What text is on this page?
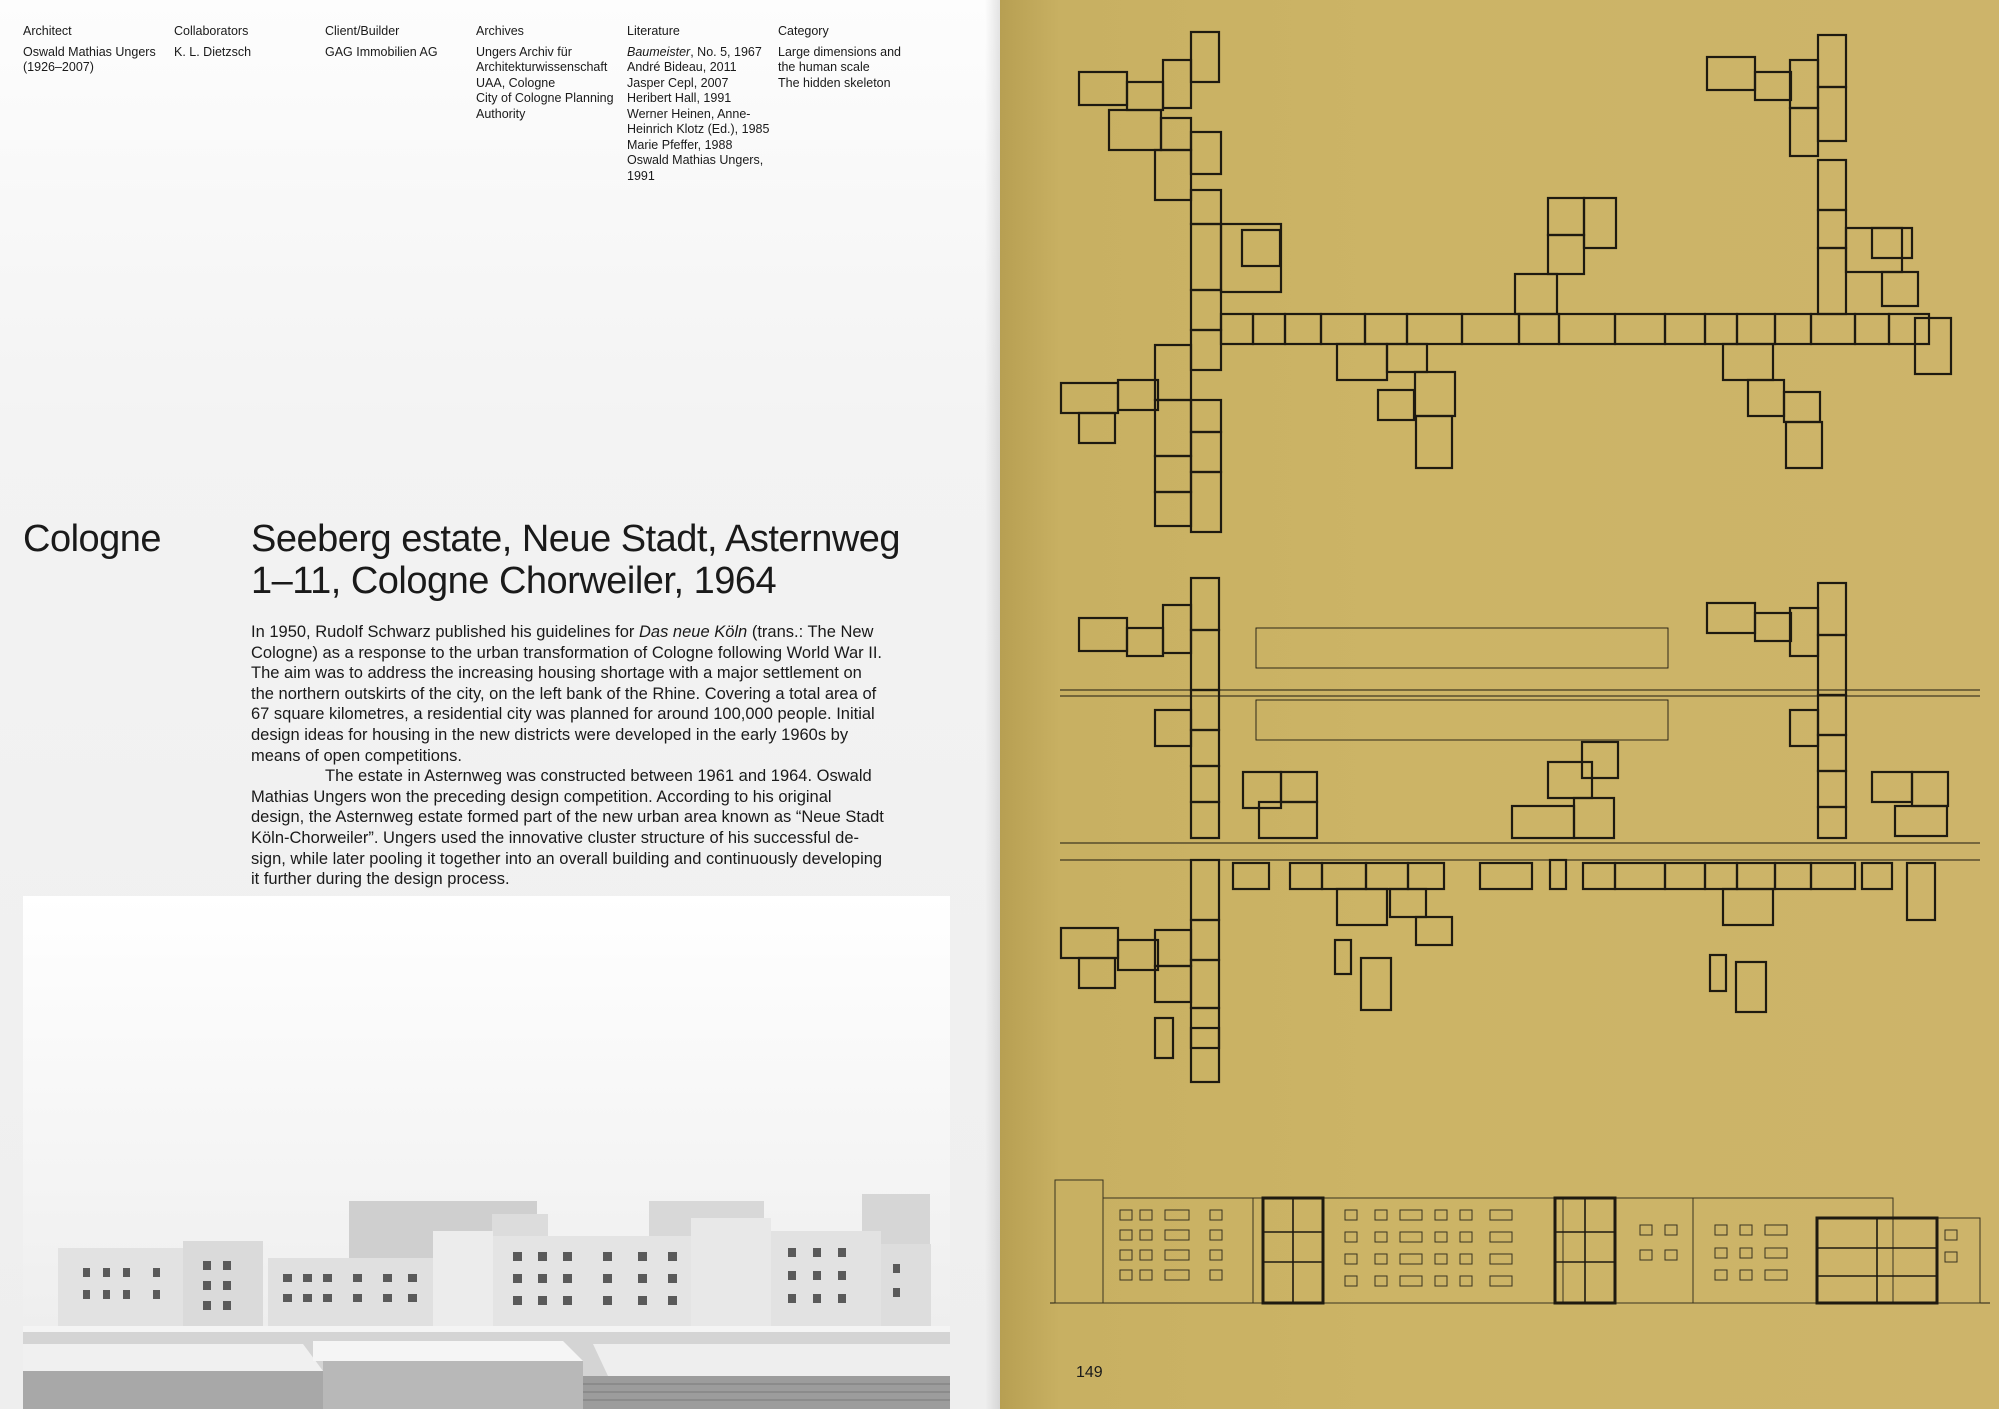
Architect
Oswald Mathias Ungers
(1926–2007)
Collaborators
K. L. Dietzsch
Client/Builder
GAG Immobilien AG
Archives
Ungers Archiv für
Architekturwissenschaft
UAA, Cologne
City of Cologne Planning
Authority
Literature
Baumeister, No. 5, 1967
André Bideau, 2011
Jasper Cepl, 2007
Heribert Hall, 1991
Werner Heinen, Anne-
Heinrich Klotz (Ed.), 1985
Marie Pfeffer, 1988
Oswald Mathias Ungers,
1991
Category
Large dimensions and
the human scale
The hidden skeleton
Cologne Seeberg estate, Neue Stadt, Asternweg
1–11, Cologne Chorweiler, 1964
In 1950, Rudolf Schwarz published his guidelines for Das neue Köln (trans.: The New
Cologne) as a response to the urban transformation of Cologne following World War II.
The aim was to address the increasing housing shortage with a major settlement on
the northern outskirts of the city, on the left bank of the Rhine. Covering a total area of
67 square kilometres, a residential city was planned for around 100,000 people. Initial
design ideas for housing in the new districts were developed in the early 1960s by
means of open competitions.
The estate in Asternweg was constructed between 1961 and 1964. Oswald
Mathias Ungers won the preceding design competition. According to his original
design, the Asternweg estate formed part of the new urban area known as “Neue Stadt
Köln-Chorweiler”. Ungers used the innovative cluster structure of his successful de-
sign, while later pooling it together into an overall building and continuously developing
it further during the design process.
149
